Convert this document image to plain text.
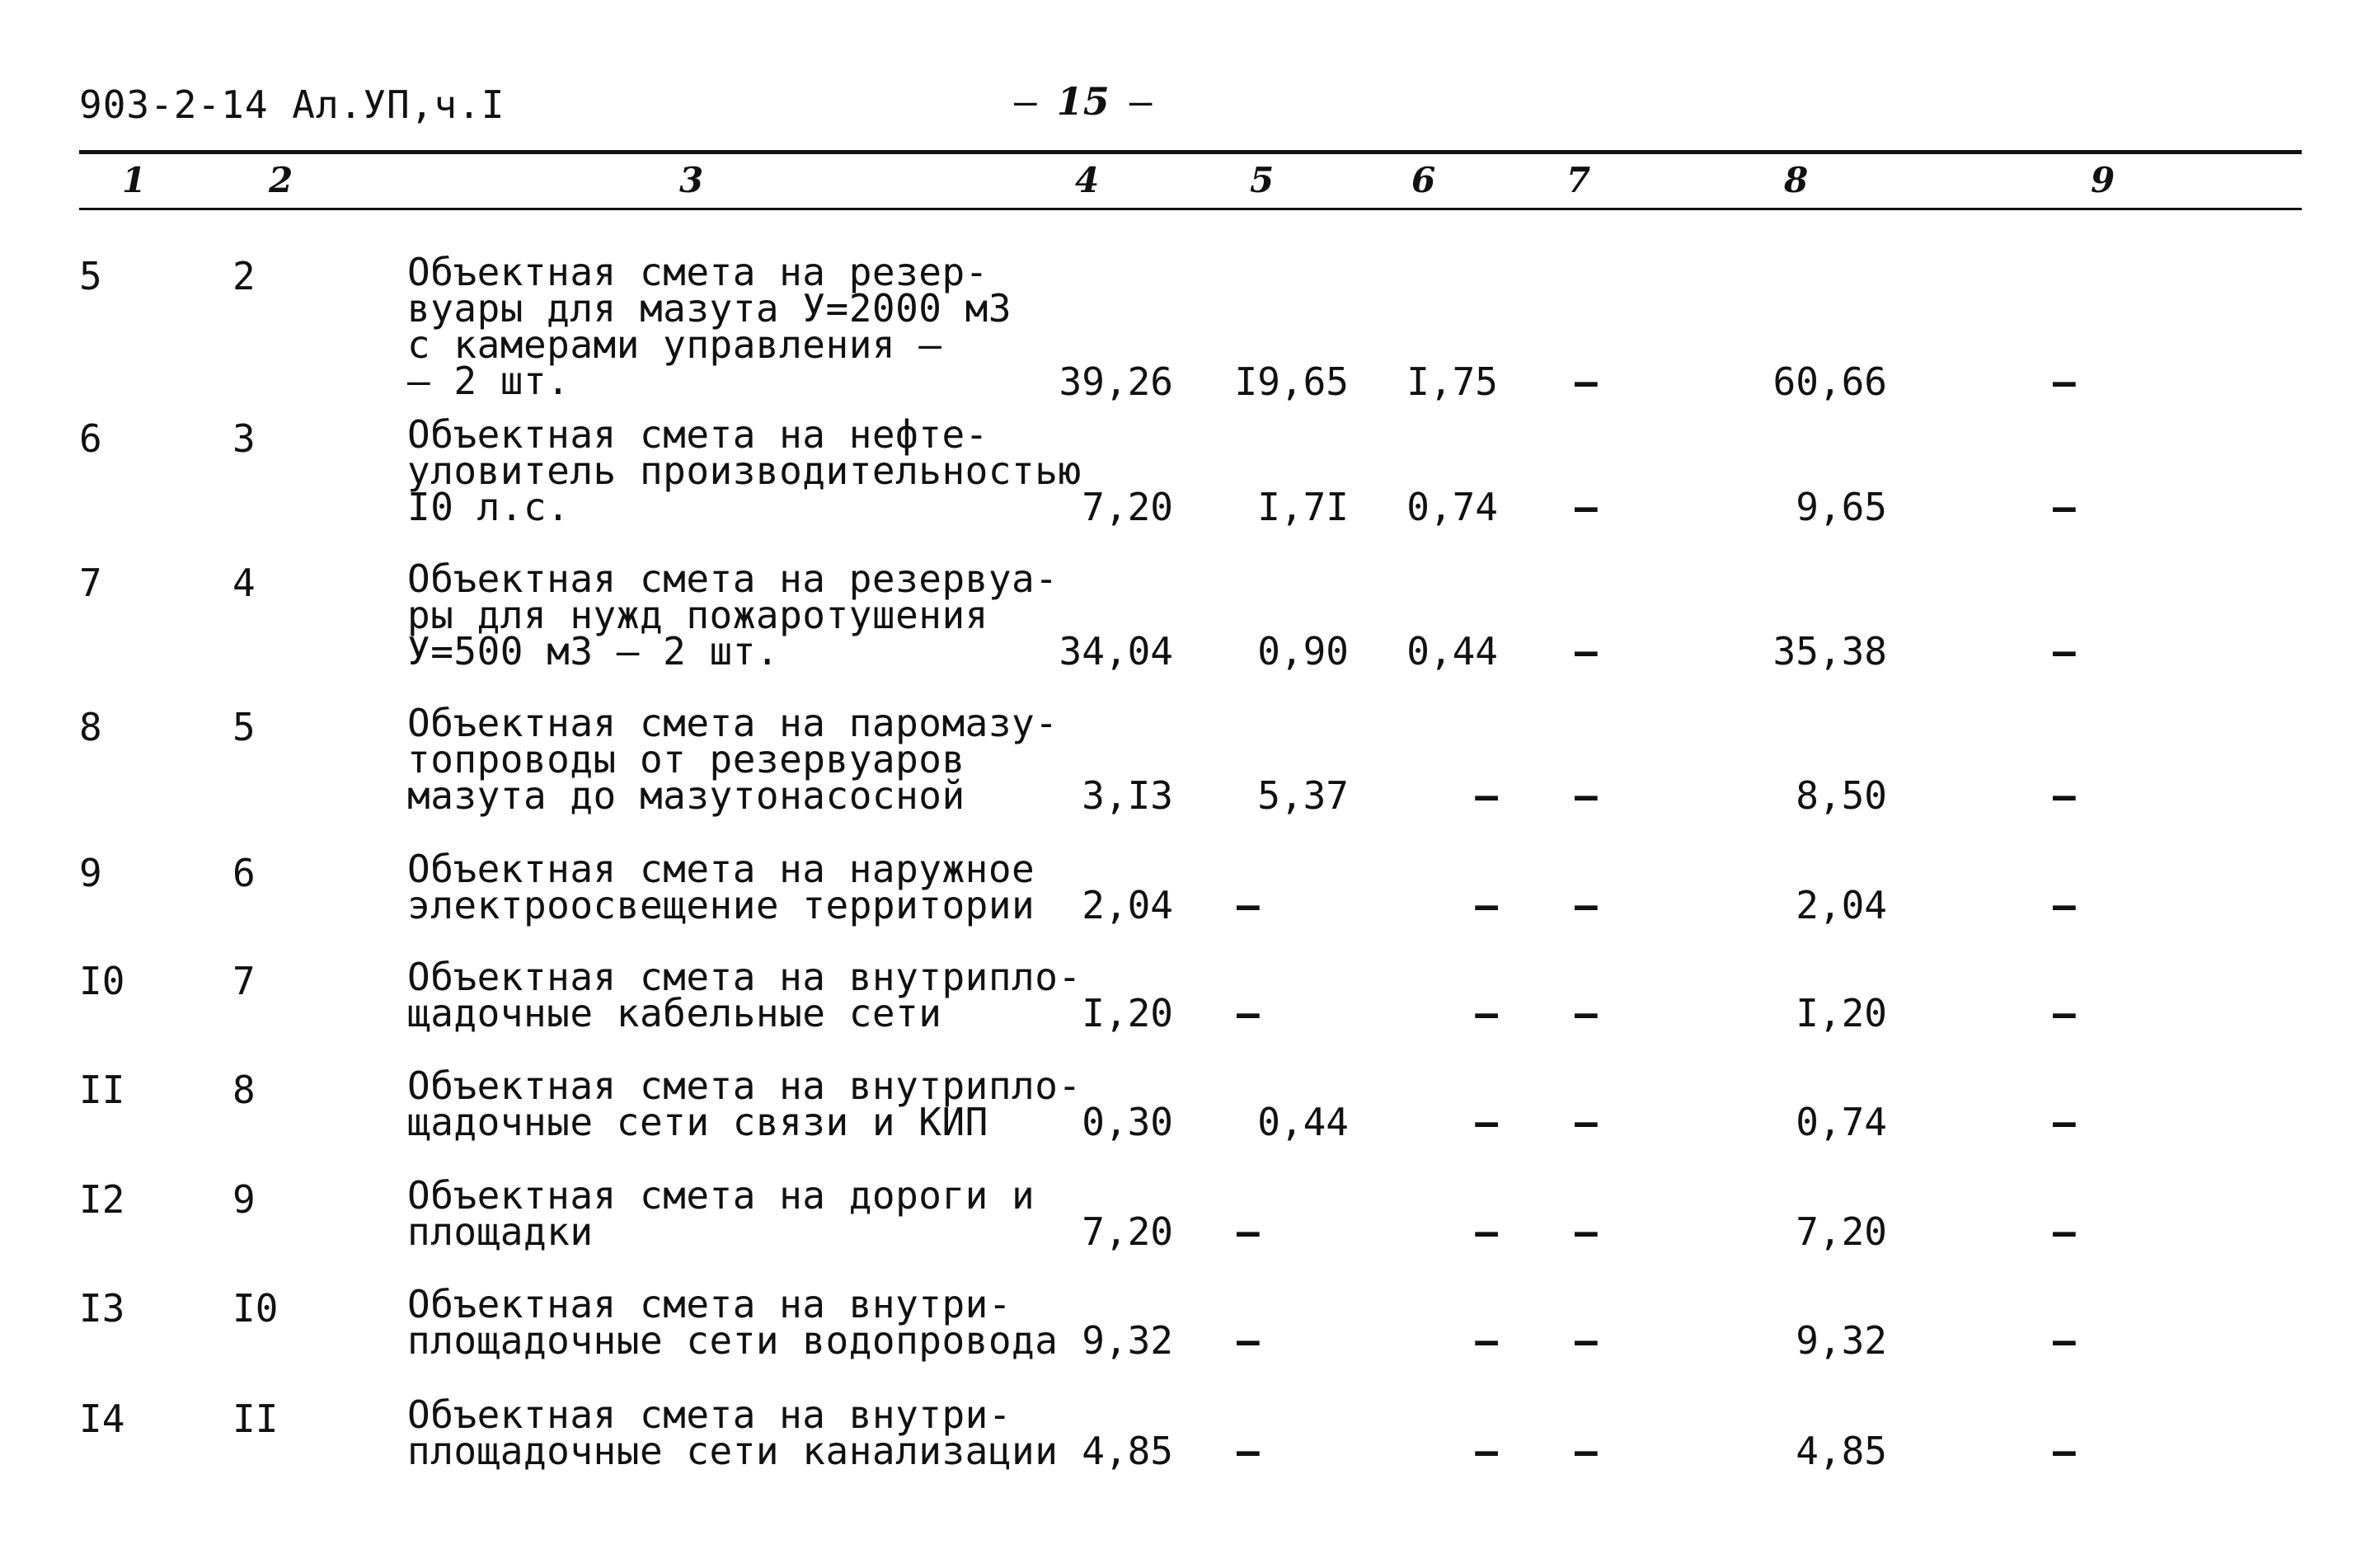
903-2-14 Ал.УП,ч.I	– 15 –
1	2	3	4	5	6	7	8	9
5	2	Объектная смета на резер-
вуары для мазута У=2000 м3
с камерами управления –
– 2 шт.	39,26 I9,65 I,75 –	60,66	–
6	3	Объектная смета на нефте-
уловитель производительностью
I0 л.с.	7,20 I,7I 0,74 –	9,65	–
7	4	Объектная смета на резервуа-
ры для нужд пожаротушения
У=500 м3 – 2 шт.	34,04 0,90 0,44 –	35,38	–
8	5	Объектная смета на паромазу-
топроводы от резервуаров
мазута до мазутонасосной	3,I3 5,37	– –	8,50	–
9	6	Объектная смета на наружное
электроосвещение территории 2,04 –	– –	2,04	–
I0	7	Объектная смета на внутрипло-
щадочные кабельные сети	I,20 –	– –	I,20	–
II	8	Объектная смета на внутрипло-
щадочные сети связи и КИП	0,30 0,44	– –	0,74	–
I2	9	Объектная смета на дороги и
площадки	7,20 –	– –	7,20	–
I3	I0	Объектная смета на внутри-
площадочные сети водопровода 9,32 –	– –	9,32	–
I4	II	Объектная смета на внутри-
площадочные сети канализации 4,85 –	– –	4,85	–
